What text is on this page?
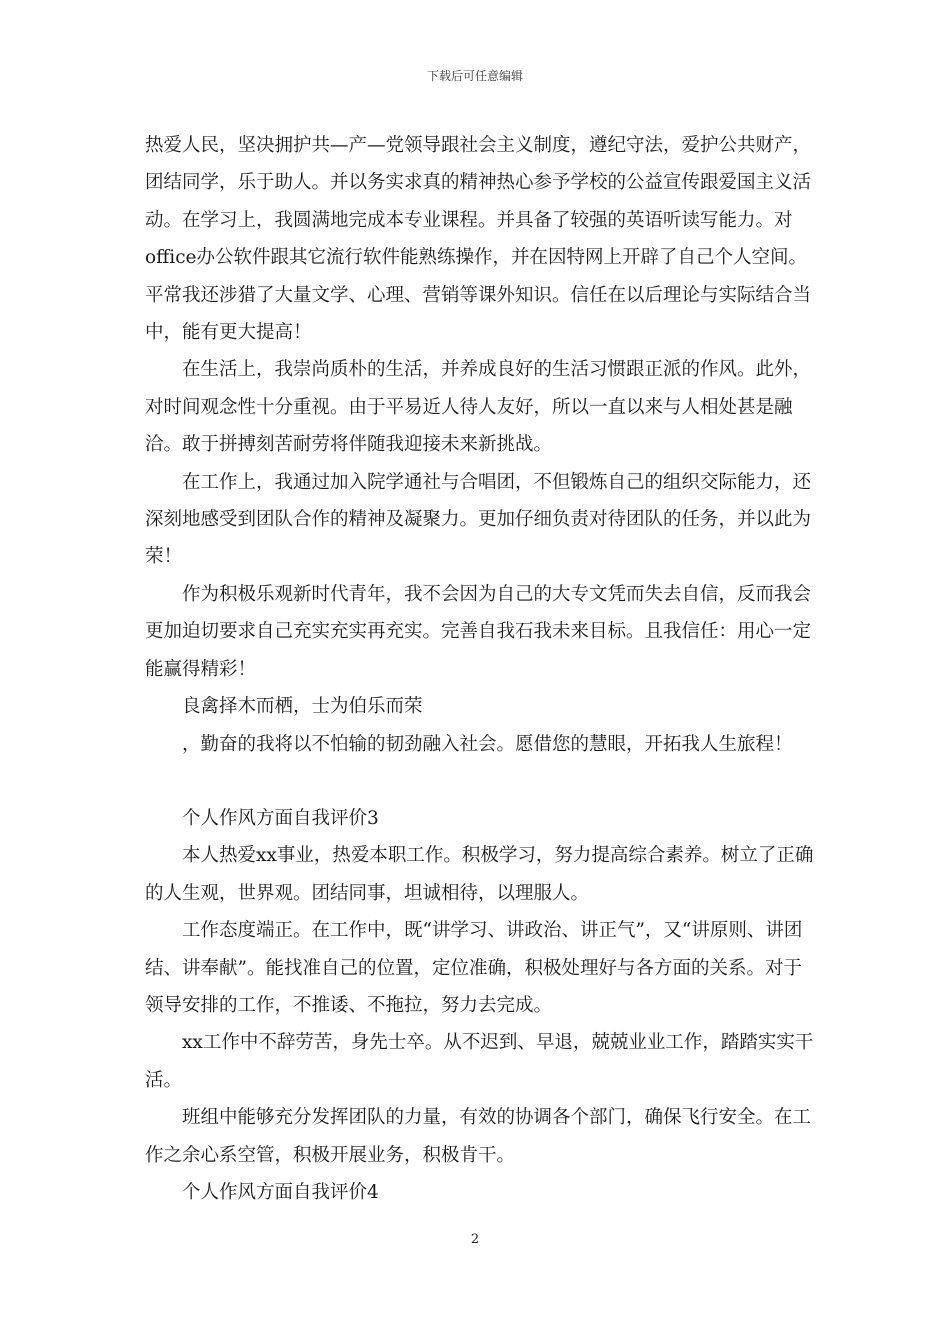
下载后可任意编辑

热爱人民，坚决拥护共—产—党领导跟社会主义制度，遵纪守法，爱护公共财产，团结同学，乐于助人。并以务实求真的精神热心参予学校的公益宣传跟爱国主义活动。在学习上，我圆满地完成本专业课程。并具备了较强的英语听读写能力。对office办公软件跟其它流行软件能熟练操作，并在因特网上开辟了自己个人空间。平常我还涉猎了大量文学、心理、营销等课外知识。信任在以后理论与实际结合当中，能有更大提高！

在生活上，我崇尚质朴的生活，并养成良好的生活习惯跟正派的作风。此外，对时间观念性十分重视。由于平易近人待人友好，所以一直以来与人相处甚是融洽。敢于拼搏刻苦耐劳将伴随我迎接未来新挑战。

在工作上，我通过加入院学通社与合唱团，不但锻炼自己的组织交际能力，还深刻地感受到团队合作的精神及凝聚力。更加仔细负责对待团队的任务，并以此为荣！

作为积极乐观新时代青年，我不会因为自己的大专文凭而失去自信，反而我会更加迫切要求自己充实充实再充实。完善自我石我未来目标。且我信任：用心一定能赢得精彩！

良禽择木而栖，士为伯乐而荣

，勤奋的我将以不怕输的韧劲融入社会。愿借您的慧眼，开拓我人生旅程！

个人作风方面自我评价3

本人热爱xx事业，热爱本职工作。积极学习，努力提高综合素养。树立了正确的人生观，世界观。团结同事，坦诚相待，以理服人。

工作态度端正。在工作中，既“讲学习、讲政治、讲正气”，又“讲原则、讲团结、讲奉献”。能找准自己的位置，定位准确，积极处理好与各方面的关系。对于领导安排的工作，不推诿、不拖拉，努力去完成。

xx工作中不辞劳苦，身先士卒。从不迟到、早退，兢兢业业工作，踏踏实实干活。

班组中能够充分发挥团队的力量，有效的协调各个部门，确保飞行安全。在工作之余心系空管，积极开展业务，积极肯干。

个人作风方面自我评价4

2
